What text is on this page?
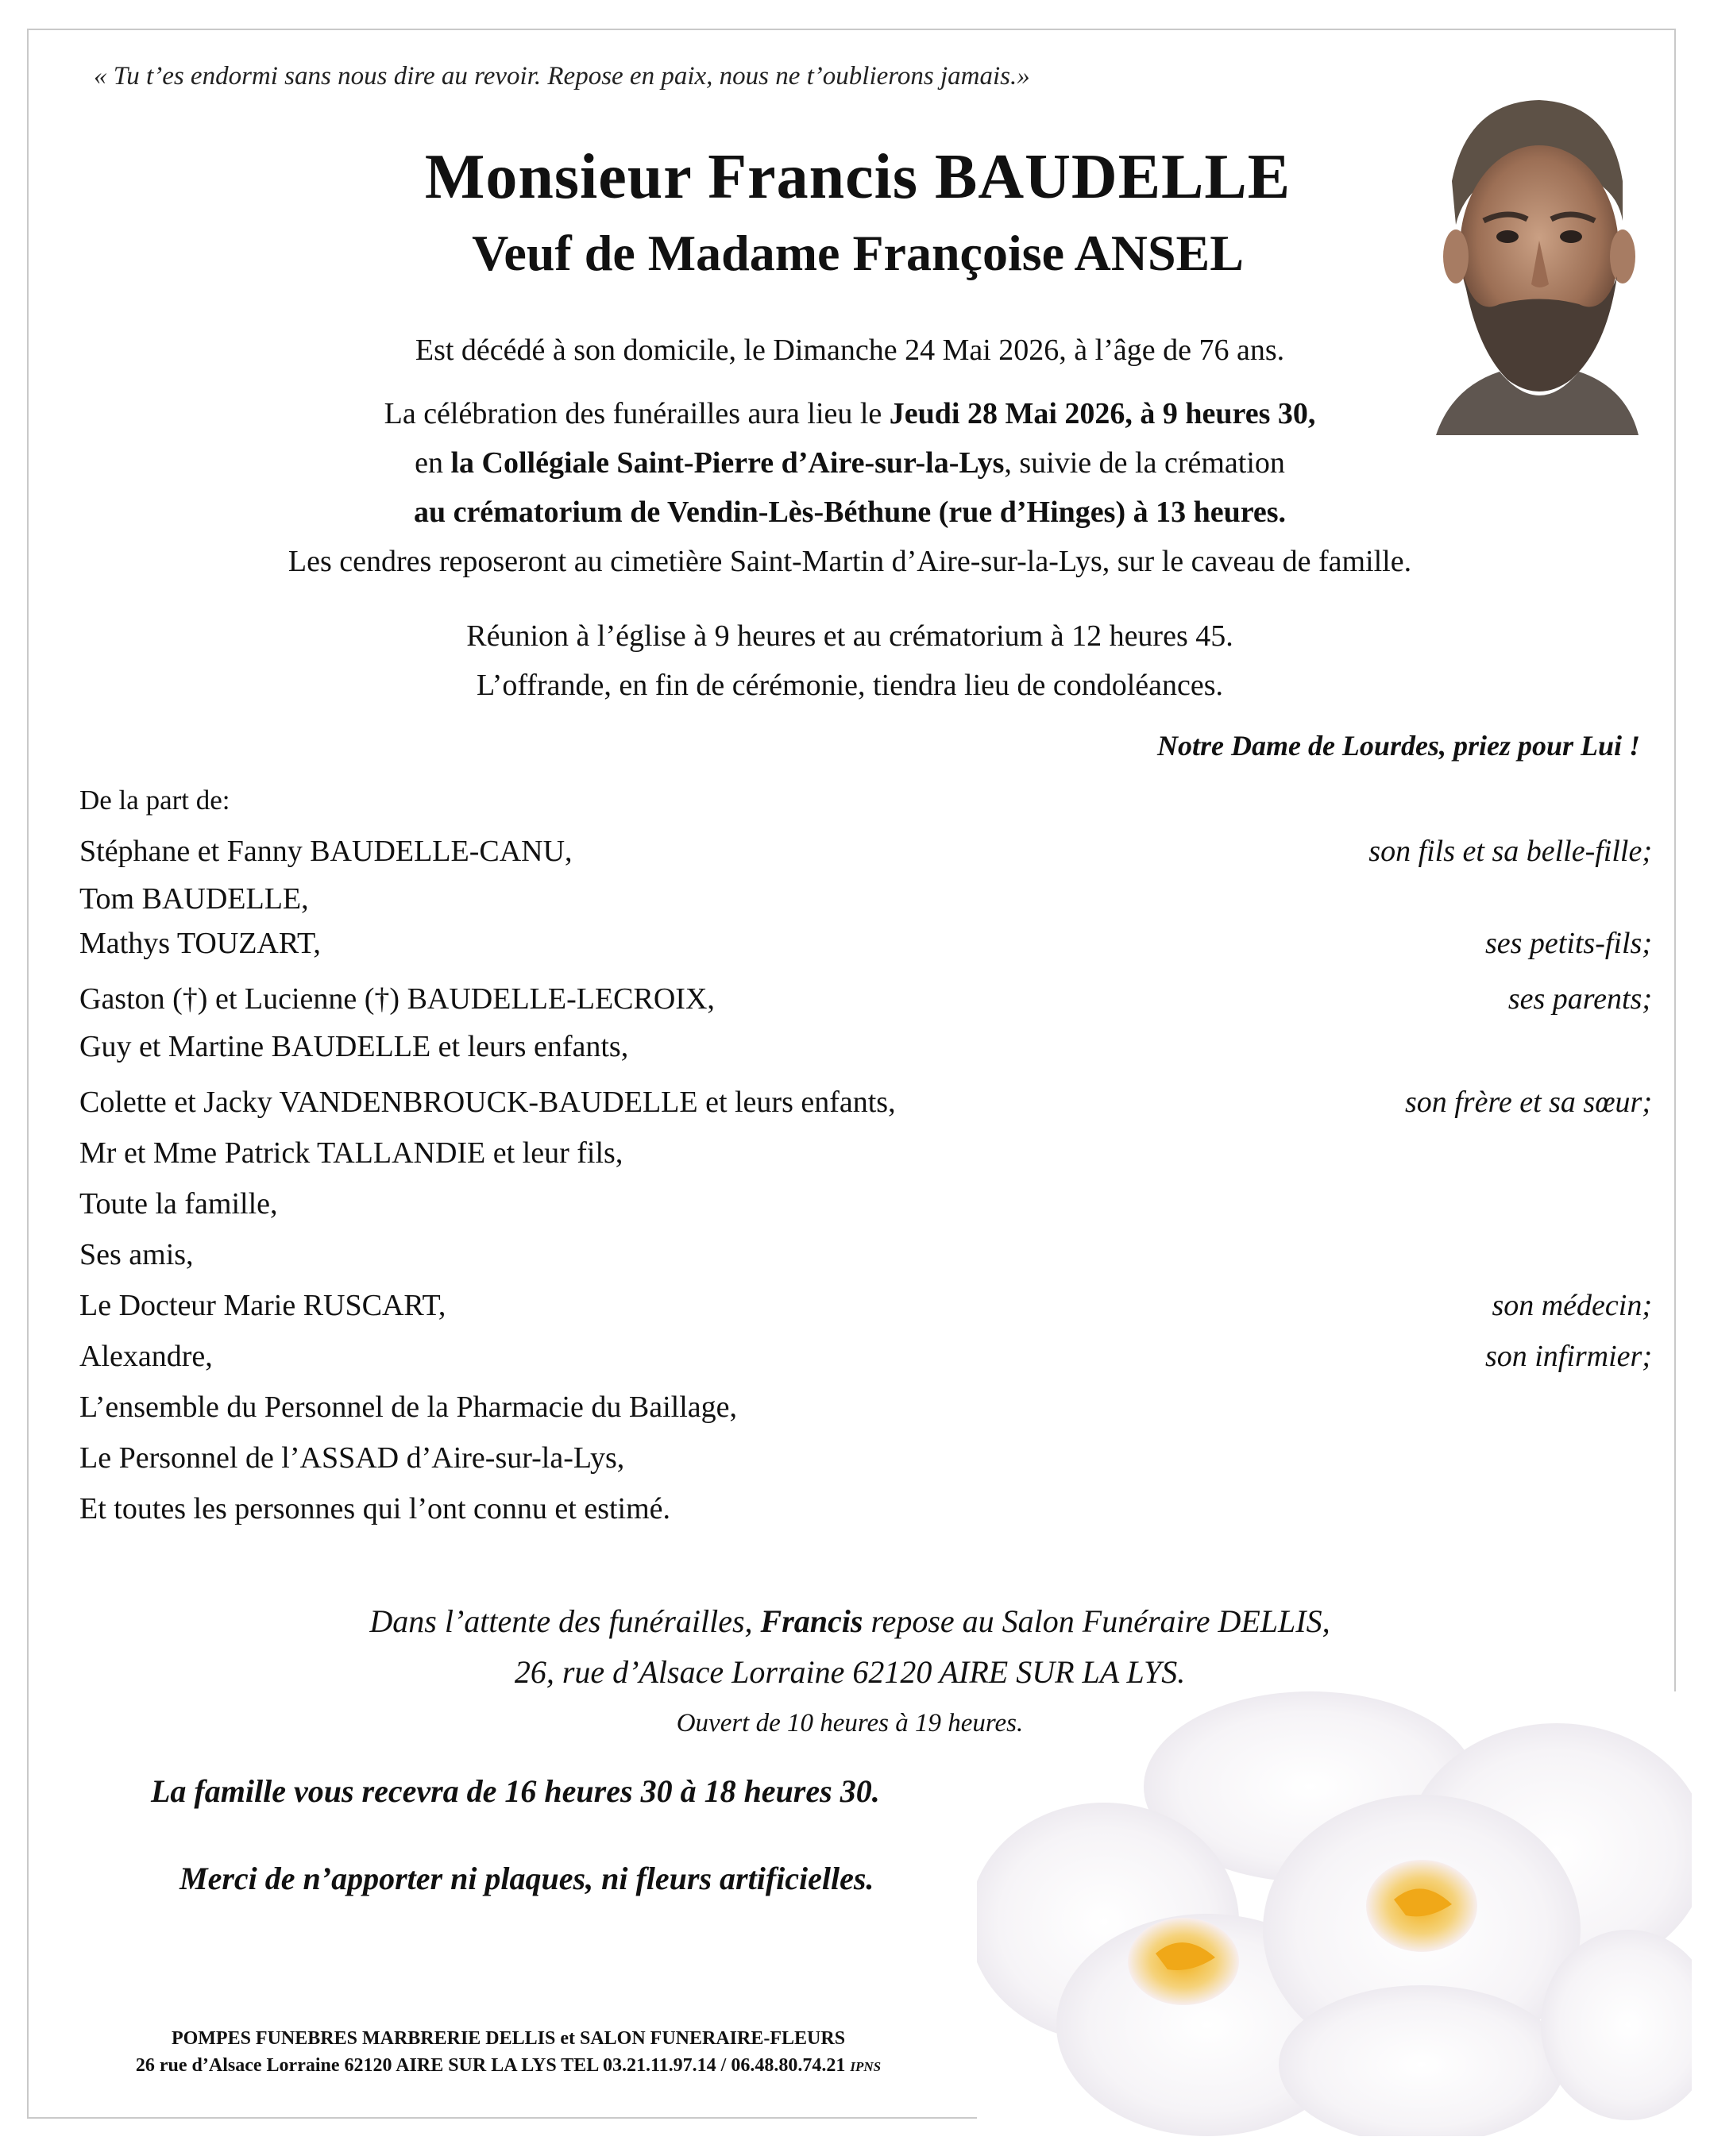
« Tu t’es endormi sans nous dire au revoir. Repose en paix, nous ne t’oublierons jamais.»
Monsieur Francis BAUDELLE
Veuf de Madame Françoise ANSEL
Est décédé à son domicile, le Dimanche 24 Mai 2026, à l’âge de 76 ans.
La célébration des funérailles aura lieu le Jeudi 28 Mai 2026, à 9 heures 30,
en la Collégiale Saint-Pierre d’Aire-sur-la-Lys, suivie de la crémation
au crématorium de Vendin-Lès-Béthune (rue d’Hinges) à 13 heures.
Les cendres reposeront au cimetière Saint-Martin d’Aire-sur-la-Lys, sur le caveau de famille.
Réunion à l’église à 9 heures et au crématorium à 12 heures 45.
L’offrande, en fin de cérémonie, tiendra lieu de condoléances.
Notre Dame de Lourdes, priez pour Lui !
De la part de:
Stéphane et Fanny BAUDELLE-CANU,	son fils et sa belle-fille;
Tom BAUDELLE,
Mathys TOUZART,	ses petits-fils;
Gaston (†) et Lucienne (†) BAUDELLE-LECROIX,	ses parents;
Guy et Martine BAUDELLE et leurs enfants,
Colette et Jacky VANDENBROUCK-BAUDELLE et leurs enfants,	son frère et sa sœur;
Mr et Mme Patrick TALLANDIE et leur fils,
Toute la famille,
Ses amis,
Le Docteur Marie RUSCART,	son médecin;
Alexandre,	son infirmier;
L’ensemble du Personnel de la Pharmacie du Baillage,
Le Personnel de l’ASSAD d’Aire-sur-la-Lys,
Et toutes les personnes qui l’ont connu et estimé.
Dans l’attente des funérailles, Francis repose au Salon Funéraire DELLIS,
26, rue d’Alsace Lorraine 62120 AIRE SUR LA LYS.
Ouvert de 10 heures à 19 heures.
La famille vous recevra de 16 heures 30 à 18 heures 30.
Merci de n’apporter ni plaques, ni fleurs artificielles.
POMPES FUNEBRES MARBRERIE DELLIS et SALON FUNERAIRE-FLEURS
26 rue d’Alsace Lorraine 62120 AIRE SUR LA LYS TEL 03.21.11.97.14 / 06.48.80.74.21 IPNS
